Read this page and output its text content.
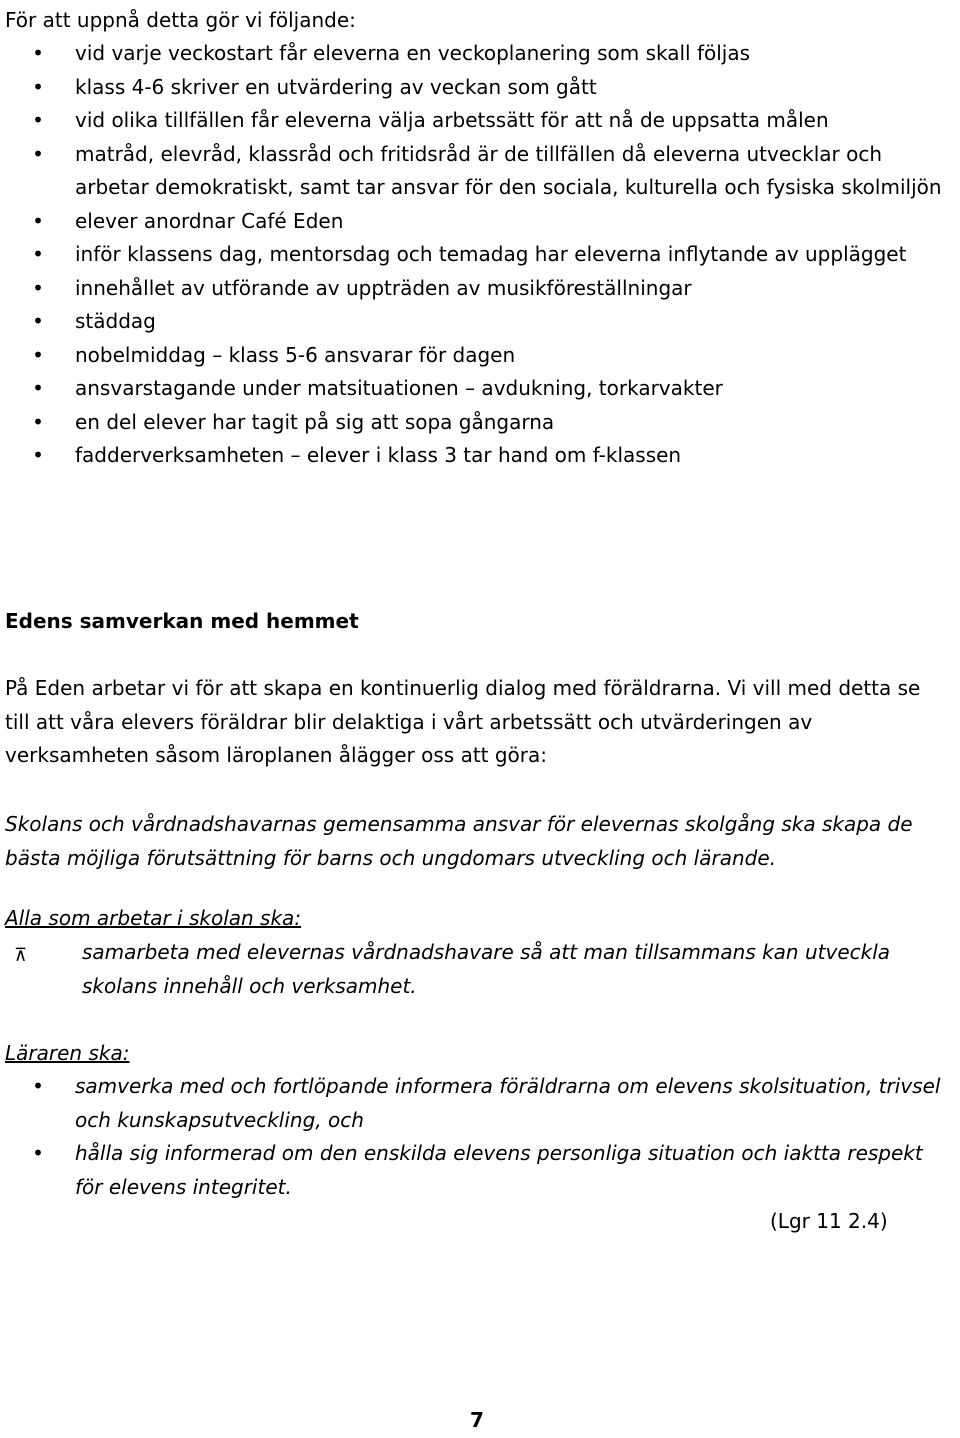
För att uppnå detta gör vi följande:

•	vid varje veckostart får eleverna en veckoplanering som skall följas
•	klass 4-6 skriver en utvärdering av veckan som gått
•	vid olika tillfällen får eleverna välja arbetssätt för att nå de uppsatta målen
•	matråd, elevråd, klassråd och fritidsråd är de tillfällen då eleverna utvecklar och arbetar demokratiskt, samt tar ansvar för den sociala, kulturella och fysiska skolmiljön
•	elever anordnar Café Eden
•	inför klassens dag, mentorsdag och temadag har eleverna inflytande av upplägget
•	innehållet av utförande av uppträden av musikföreställningar
•	städdag
•	nobelmiddag – klass 5-6 ansvarar för dagen
•	ansvarstagande under matsituationen – avdukning, torkarvakter
•	en del elever har tagit på sig att sopa gångarna
•	fadderverksamheten – elever i klass 3 tar hand om f-klassen

Edens samverkan med hemmet

På Eden arbetar vi för att skapa en kontinuerlig dialog med föräldrarna. Vi vill med detta se till att våra elevers föräldrar blir delaktiga i vårt arbetssätt och utvärderingen av verksamheten såsom läroplanen ålägger oss att göra:

Skolans och vårdnadshavarnas gemensamma ansvar för elevernas skolgång ska skapa de bästa möjliga förutsättning för barns och ungdomars utveckling och lärande.

Alla som arbetar i skolan ska:

⊼	samarbeta med elevernas vårdnadshavare så att man tillsammans kan utveckla skolans innehåll och verksamhet.

Läraren ska:

•	samverka med och fortlöpande informera föräldrarna om elevens skolsituation, trivsel och kunskapsutveckling, och
•	hålla sig informerad om den enskilda elevens personliga situation och iaktta respekt för elevens integritet.

(Lgr 11 2.4)

7
